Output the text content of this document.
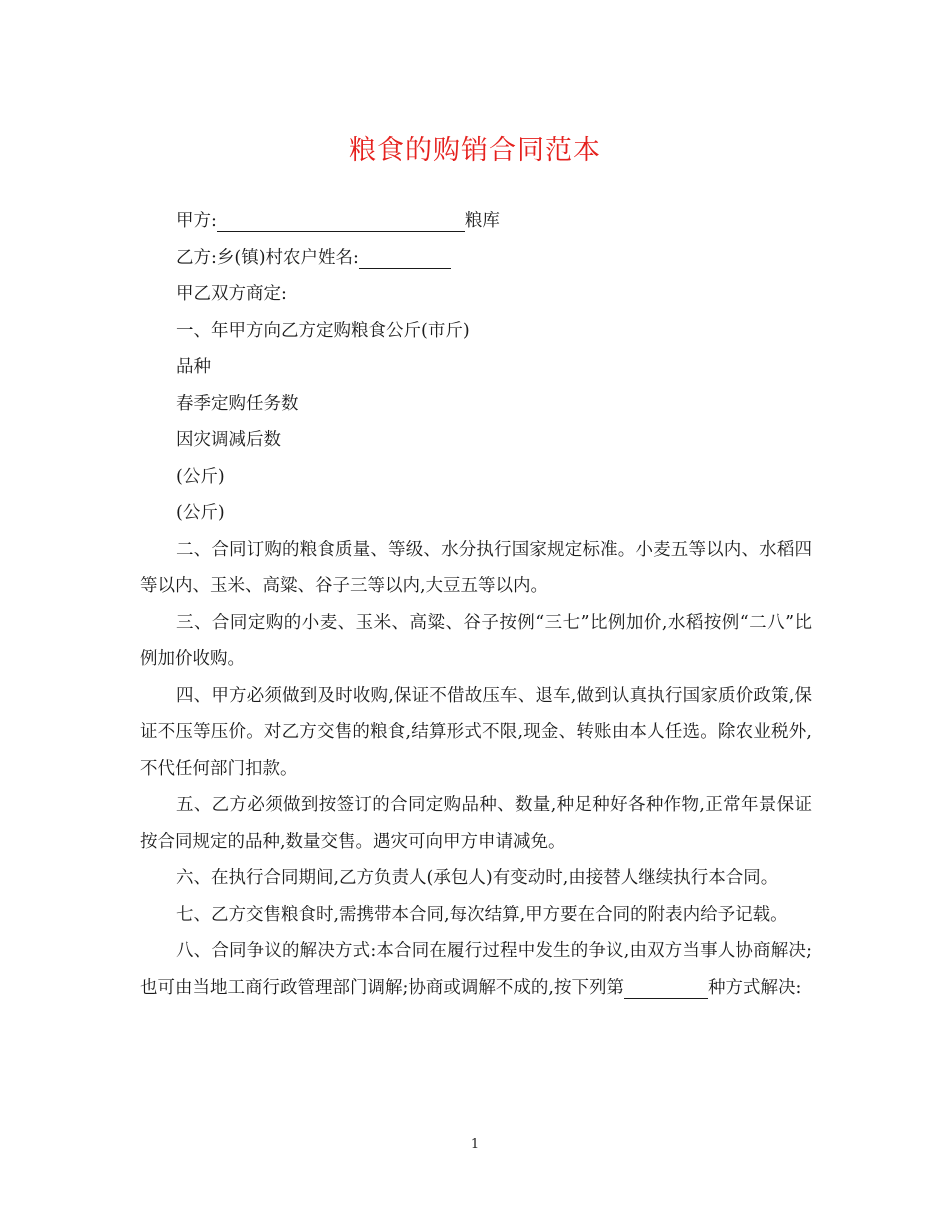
粮食的购销合同范本
甲方:	粮库
乙方:乡(镇)村农户姓名:
甲乙双方商定:
一、年甲方向乙方定购粮食公斤(市斤)
品种
春季定购任务数
因灾调减后数
(公斤)
(公斤)
二、合同订购的粮食质量、等级、水分执行国家规定标准。小麦五等以内、水稻四等以内、玉米、高粱、谷子三等以内,大豆五等以内。
三、合同定购的小麦、玉米、高粱、谷子按例“三七”比例加价,水稻按例“二八”比例加价收购。
四、甲方必须做到及时收购,保证不借故压车、退车,做到认真执行国家质价政策,保证不压等压价。对乙方交售的粮食,结算形式不限,现金、转账由本人任选。除农业税外,不代任何部门扣款。
五、乙方必须做到按签订的合同定购品种、数量,种足种好各种作物,正常年景保证按合同规定的品种,数量交售。遇灾可向甲方申请减免。
六、在执行合同期间,乙方负责人(承包人)有变动时,由接替人继续执行本合同。
七、乙方交售粮食时,需携带本合同,每次结算,甲方要在合同的附表内给予记载。
八、合同争议的解决方式:本合同在履行过程中发生的争议,由双方当事人协商解决;也可由当地工商行政管理部门调解;协商或调解不成的,按下列第	种方式解决:
1
